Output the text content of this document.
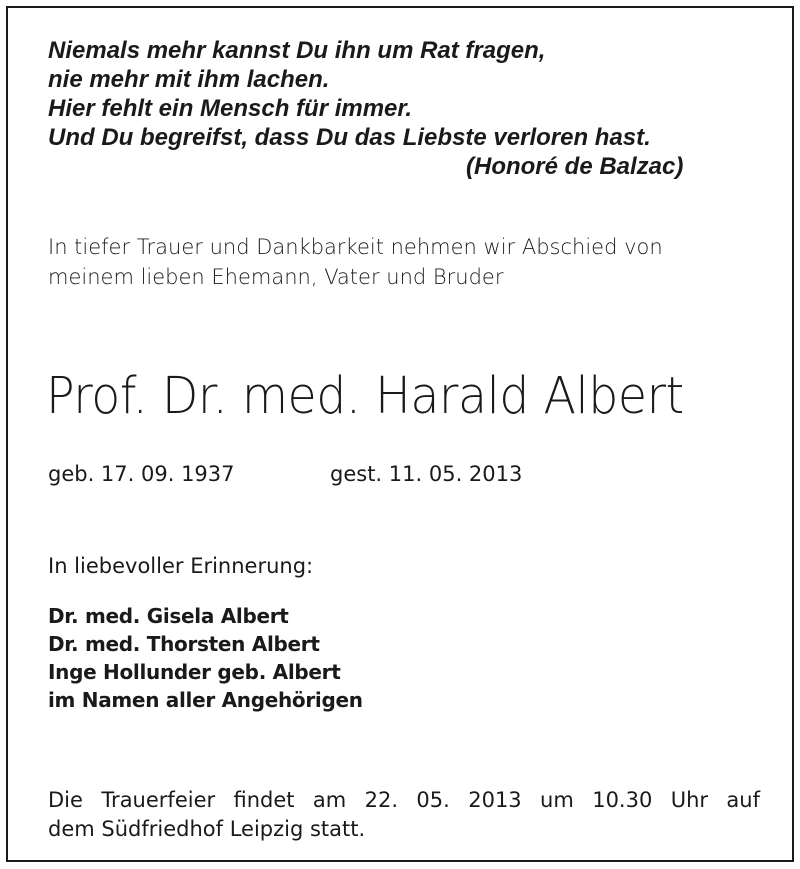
Niemals mehr kannst Du ihn um Rat fragen,
nie mehr mit ihm lachen.
Hier fehlt ein Mensch für immer.
Und Du begreifst, dass Du das Liebste verloren hast.
(Honoré de Balzac)
In tiefer Trauer und Dankbarkeit nehmen wir Abschied von
meinem lieben Ehemann, Vater und Bruder
Prof. Dr. med. Harald Albert
geb. 17. 09. 1937	gest. 11. 05. 2013
In liebevoller Erinnerung:
Dr. med. Gisela Albert
Dr. med. Thorsten Albert
Inge Hollunder geb. Albert
im Namen aller Angehörigen
Die Trauerfeier findet am 22. 05. 2013 um 10.30 Uhr auf
dem Südfriedhof Leipzig statt.
